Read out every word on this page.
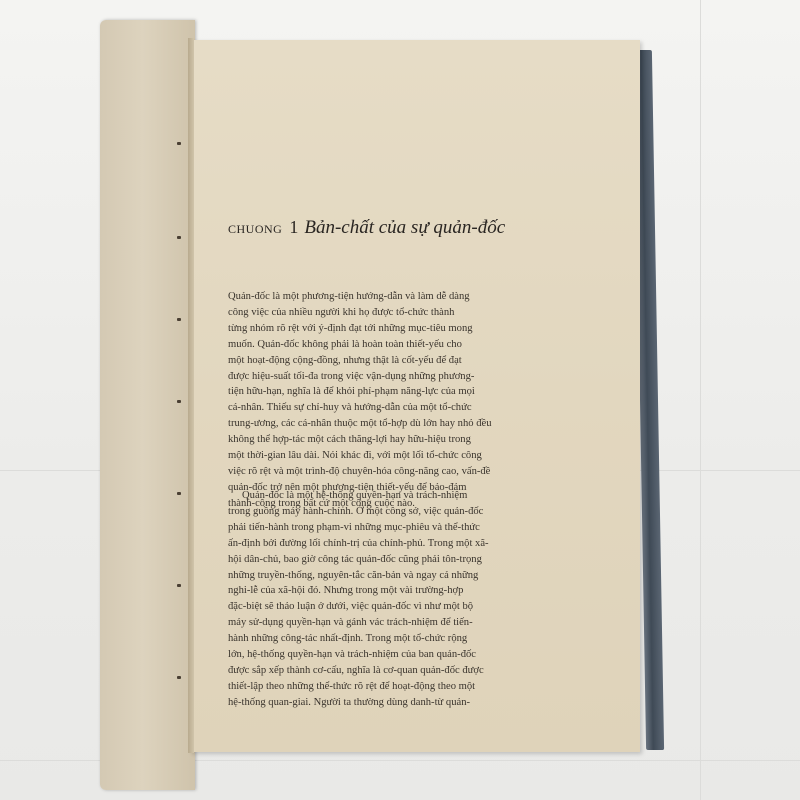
CHUONG 1 Bản-chất của sự quản-đốc
Quản-đốc là một phương-tiện hướng-dẫn và làm dễ dàng
công việc của nhiều người khi họ được tổ-chức thành
từng nhóm rõ rệt với ý-định đạt tới những mục-tiêu mong
muốn. Quản-đốc không phải là hoàn toàn thiết-yếu cho
một hoạt-động cộng-đồng, nhưng thật là cốt-yếu để đạt
được hiệu-suất tối-đa trong việc vận-dụng những phương-
tiện hữu-hạn, nghĩa là để khỏi phí-phạm năng-lực của mọi
cá-nhân. Thiếu sự chỉ-huy và hướng-dẫn của một tổ-chức
trung-ương, các cá-nhân thuộc một tổ-hợp dù lớn hay nhỏ đều
không thể hợp-tác một cách thăng-lợi hay hữu-hiệu trong
một thời-gian lâu dài. Nói khác đi, với một lối tổ-chức công
việc rõ rệt và một trình-độ chuyên-hóa công-năng cao, vấn-đề
quản-đốc trở nên một phương-tiện thiết-yếu để bảo-đảm
thành-công trong bất cứ một công cuộc nào.
Quản-đốc là một hệ-thống quyền-hạn và trách-nhiệm
trong guồng máy hành-chính. Ở một công sở, việc quản-đốc
phải tiến-hành trong phạm-vi những mục-phiêu và thể-thức
ấn-định bởi đường lối chính-trị của chính-phủ. Trong một xã-
hội dân-chủ, bao giờ công tác quản-đốc cũng phải tôn-trọng
những truyền-thống, nguyên-tắc căn-bản và ngay cả những
nghi-lễ của xã-hội đó. Nhưng trong một vài trường-hợp
đặc-biệt sẽ thảo luận ở dưới, việc quản-đốc vì như một bộ
máy sử-dụng quyền-hạn và gánh vác trách-nhiệm để tiến-
hành những công-tác nhất-định. Trong một tổ-chức rộng
lớn, hệ-thống quyền-hạn và trách-nhiệm của ban quản-đốc
được sắp xếp thành cơ-cấu, nghĩa là cơ-quan quản-đốc được
thiết-lập theo những thể-thức rõ rệt để hoạt-động theo một
hệ-thống quan-giai. Người ta thường dùng danh-từ quản-
